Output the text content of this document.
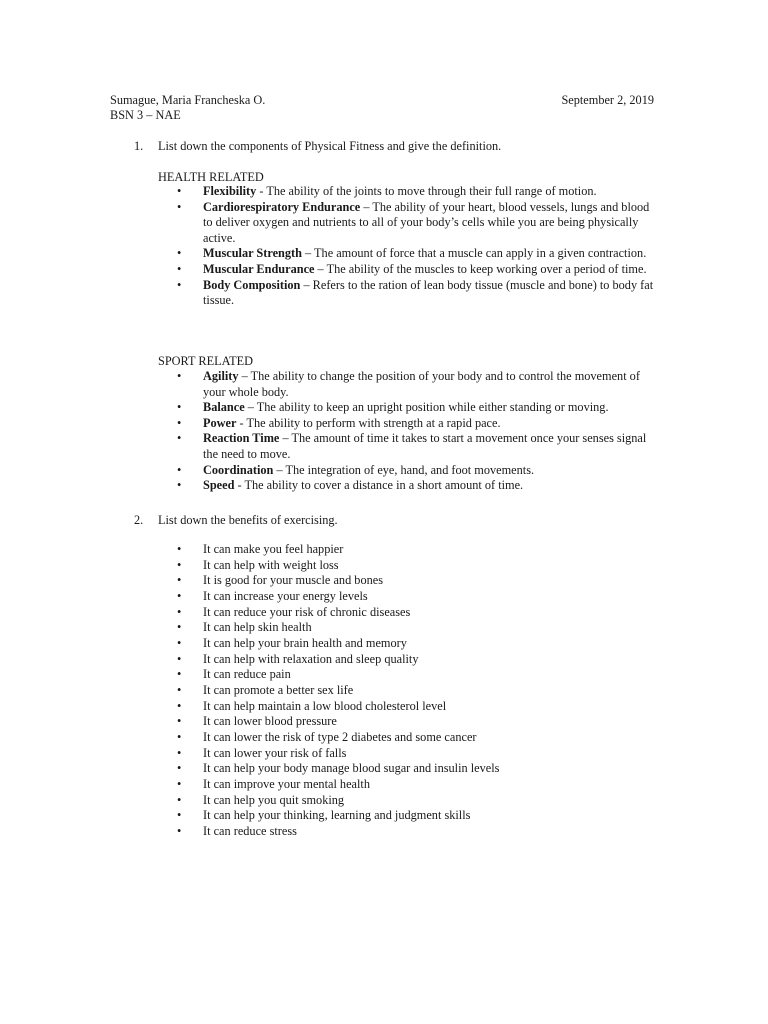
Sumague, Maria Francheska O.
BSN 3 – NAE
September 2, 2019
1.	List down the components of Physical Fitness and give the definition.
HEALTH RELATED
• Flexibility - The ability of the joints to move through their full range of motion.
• Cardiorespiratory Endurance – The ability of your heart, blood vessels, lungs and blood to deliver oxygen and nutrients to all of your body’s cells while you are being physically active.
• Muscular Strength – The amount of force that a muscle can apply in a given contraction.
• Muscular Endurance – The ability of the muscles to keep working over a period of time.
• Body Composition – Refers to the ration of lean body tissue (muscle and bone) to body fat tissue.
SPORT RELATED
• Agility – The ability to change the position of your body and to control the movement of your whole body.
• Balance – The ability to keep an upright position while either standing or moving.
• Power - The ability to perform with strength at a rapid pace.
• Reaction Time – The amount of time it takes to start a movement once your senses signal the need to move.
• Coordination – The integration of eye, hand, and foot movements.
• Speed - The ability to cover a distance in a short amount of time.
2.	List down the benefits of exercising.
• It can make you feel happier
• It can help with weight loss
• It is good for your muscle and bones
• It can increase your energy levels
• It can reduce your risk of chronic diseases
• It can help skin health
• It can help your brain health and memory
• It can help with relaxation and sleep quality
• It can reduce pain
• It can promote a better sex life
• It can help maintain a low blood cholesterol level
• It can lower blood pressure
• It can lower the risk of type 2 diabetes and some cancer
• It can lower your risk of falls
• It can help your body manage blood sugar and insulin levels
• It can improve your mental health
• It can help you quit smoking
• It can help your thinking, learning and judgment skills
• It can reduce stress
